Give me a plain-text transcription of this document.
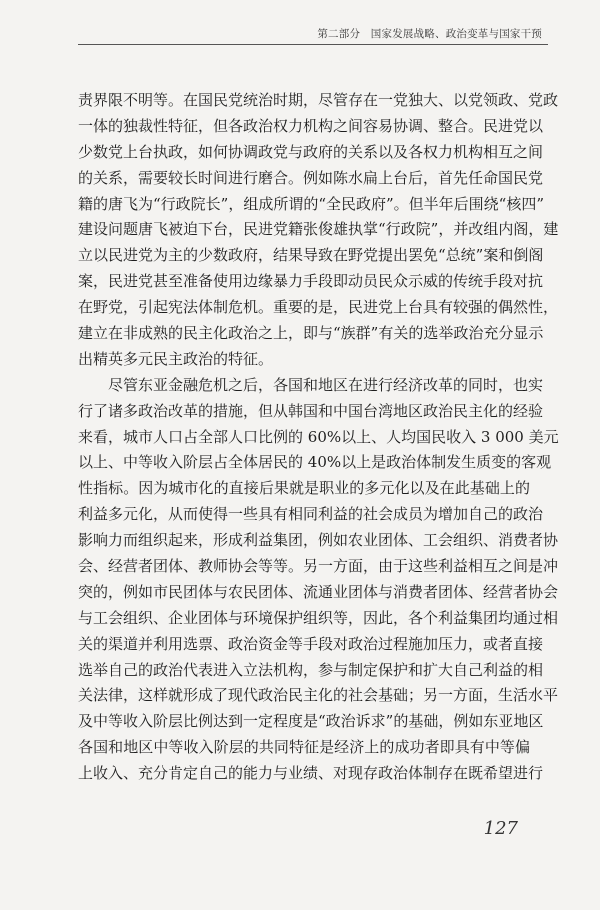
第二部分 国家发展战略、政治变革与国家干预
责界限不明等。在国民党统治时期，尽管存在一党独大、以党领政、党政
一体的独裁性特征，但各政治权力机构之间容易协调、整合。民进党以
少数党上台执政，如何协调政党与政府的关系以及各权力机构相互之间
的关系，需要较长时间进行磨合。例如陈水扁上台后，首先任命国民党
籍的唐飞为“行政院长”，组成所谓的“全民政府”。但半年后围绕“核四”
建设问题唐飞被迫下台，民进党籍张俊雄执掌“行政院”，并改组内阁，建
立以民进党为主的少数政府，结果导致在野党提出罢免“总统”案和倒阁
案，民进党甚至准备使用边缘暴力手段即动员民众示威的传统手段对抗
在野党，引起宪法体制危机。重要的是，民进党上台具有较强的偶然性，
建立在非成熟的民主化政治之上，即与“族群”有关的选举政治充分显示
出精英多元民主政治的特征。
尽管东亚金融危机之后，各国和地区在进行经济改革的同时，也实
行了诸多政治改革的措施，但从韩国和中国台湾地区政治民主化的经验
来看，城市人口占全部人口比例的 60%以上、人均国民收入 3 000 美元
以上、中等收入阶层占全体居民的 40%以上是政治体制发生质变的客观
性指标。因为城市化的直接后果就是职业的多元化以及在此基础上的
利益多元化，从而使得一些具有相同利益的社会成员为增加自己的政治
影响力而组织起来，形成利益集团，例如农业团体、工会组织、消费者协
会、经营者团体、教师协会等等。另一方面，由于这些利益相互之间是冲
突的，例如市民团体与农民团体、流通业团体与消费者团体、经营者协会
与工会组织、企业团体与环境保护组织等，因此，各个利益集团均通过相
关的渠道并利用选票、政治资金等手段对政治过程施加压力，或者直接
选举自己的政治代表进入立法机构，参与制定保护和扩大自己利益的相
关法律，这样就形成了现代政治民主化的社会基础；另一方面，生活水平
及中等收入阶层比例达到一定程度是“政治诉求”的基础，例如东亚地区
各国和地区中等收入阶层的共同特征是经济上的成功者即具有中等偏
上收入、充分肯定自己的能力与业绩、对现存政治体制存在既希望进行
127
